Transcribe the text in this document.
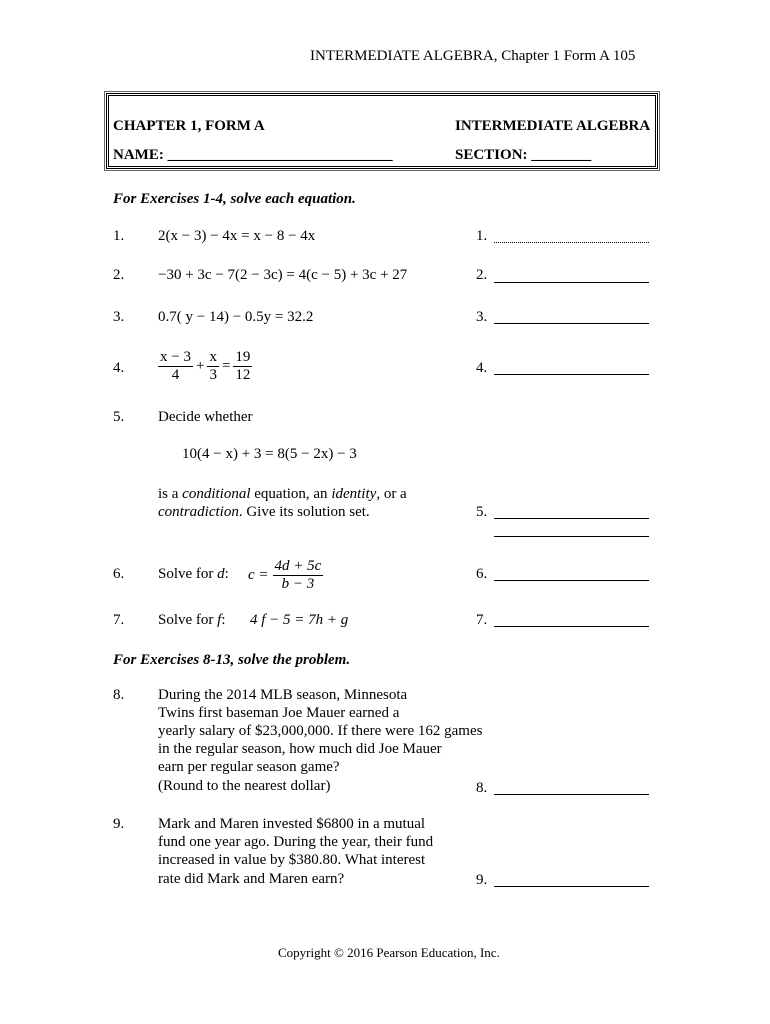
INTERMEDIATE ALGEBRA, Chapter 1 Form A 105
CHAPTER 1, FORM A	INTERMEDIATE ALGEBRA
NAME: ______________________________	SECTION: ________
For Exercises 1-4, solve each equation.
1. 2(x − 3) − 4x = x − 8 − 4x	1.
2. −30 + 3c − 7(2 − 3c) = 4(c − 5) + 3c + 27	2.
3. 0.7( y − 14) − 0.5y = 32.2	3.
4. $\frac{x - 3}{4} + \frac{x}{3} = \frac{19}{12}$	4.
5. Decide whether
10(4 − x) + 3 = 8(5 − 2x) − 3
is a conditional equation, an identity, or a
contradiction. Give its solution set.	5.
6. Solve for d: $c = \frac{4d + 5c}{b - 3}$	6.
7. Solve for f: 4 f − 5 = 7h + g	7.
For Exercises 8-13, solve the problem.
8. During the 2014 MLB season, Minnesota
Twins first baseman Joe Mauer earned a
yearly salary of $23,000,000. If there were 162 games
in the regular season, how much did Joe Mauer
earn per regular season game?
(Round to the nearest dollar)	8.
9. Mark and Maren invested $6800 in a mutual
fund one year ago. During the year, their fund
increased in value by $380.80. What interest
rate did Mark and Maren earn?	9.
Copyright © 2016 Pearson Education, Inc.
